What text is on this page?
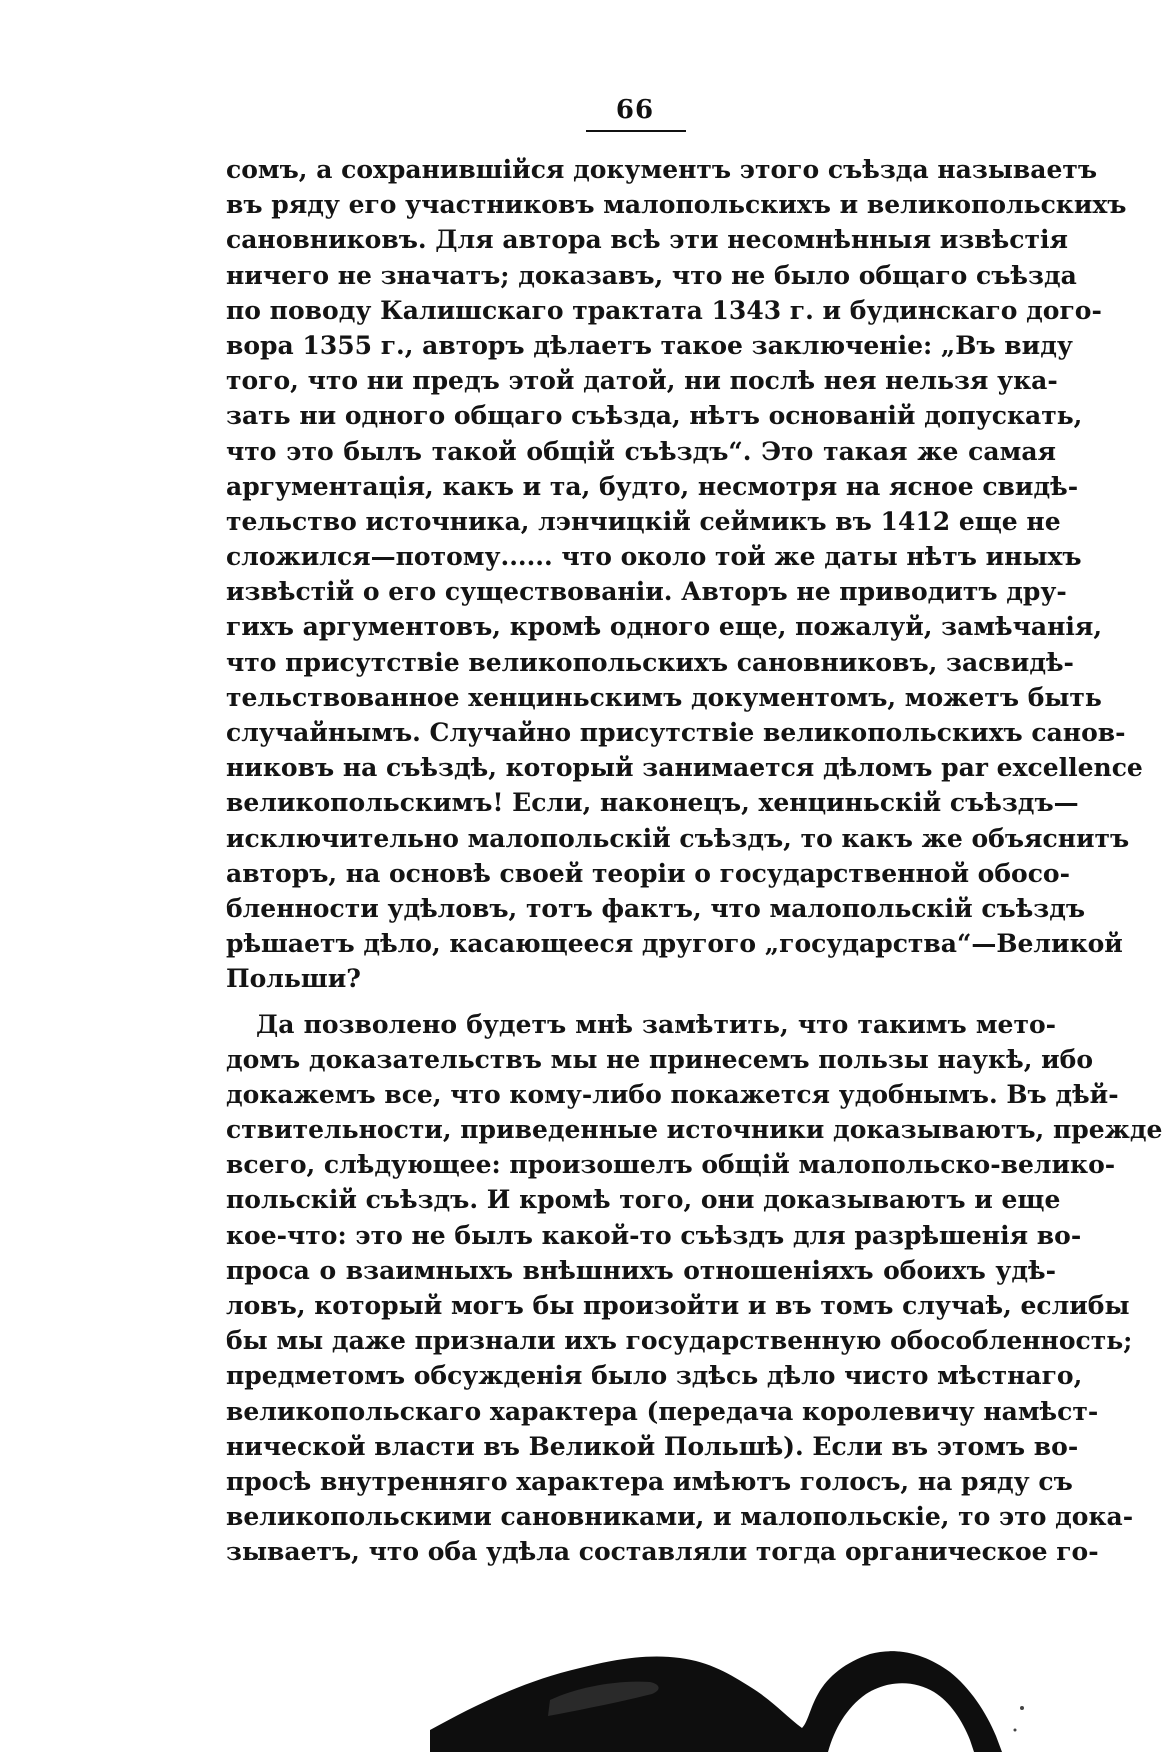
66
сомъ, а сохранившійся документъ этого съѣзда называетъ
въ ряду его участниковъ малопольскихъ и великопольскихъ
сановниковъ. Для автора всѣ эти несомнѣнныя извѣстія
ничего не значатъ; доказавъ, что не было общаго съѣзда
по поводу Калишскаго трактата 1343 г. и будинскаго дого-
вора 1355 г., авторъ дѣлаетъ такое заключеніе: „Въ виду
того, что ни предъ этой датой, ни послѣ нея нельзя ука-
зать ни одного общаго съѣзда, нѣтъ основаній допускать,
что это былъ такой общій съѣздъ“. Это такая же самая
аргументація, какъ и та, будто, несмотря на ясное свидѣ-
тельство источника, лэнчицкій сеймикъ въ 1412 еще не
сложился—потому...... что около той же даты нѣтъ иныхъ
извѣстій о его существованіи. Авторъ не приводитъ дру-
гихъ аргументовъ, кромѣ одного еще, пожалуй, замѣчанія,
что присутствіе великопольскихъ сановниковъ, засвидѣ-
тельствованное хенциньскимъ документомъ, можетъ быть
случайнымъ. Случайно присутствіе великопольскихъ санов-
никовъ на съѣздѣ, который занимается дѣломъ par excellence
великопольскимъ! Если, наконецъ, хенциньскій съѣздъ—
исключительно малопольскій съѣздъ, то какъ же объяснитъ
авторъ, на основѣ своей теоріи о государственной обосо-
бленности удѣловъ, тотъ фактъ, что малопольскій съѣздъ
рѣшаетъ дѣло, касающееся другого „государства“—Великой
Польши?
Да позволено будетъ мнѣ замѣтить, что такимъ мето-
домъ доказательствъ мы не принесемъ пользы наукѣ, ибо
докажемъ все, что кому-либо покажется удобнымъ. Въ дѣй-
ствительности, приведенные источники доказываютъ, прежде
всего, слѣдующее: произошелъ общій малопольско-велико-
польскій съѣздъ. И кромѣ того, они доказываютъ и еще
кое-что: это не былъ какой-то съѣздъ для разрѣшенія во-
проса о взаимныхъ внѣшнихъ отношеніяхъ обоихъ удѣ-
ловъ, который могъ бы произойти и въ томъ случаѣ, еслибы
бы мы даже признали ихъ государственную обособленность;
предметомъ обсужденія было здѣсь дѣло чисто мѣстнаго,
великопольскаго характера (передача королевичу намѣст-
нической власти въ Великой Польшѣ). Если въ этомъ во-
просѣ внутренняго характера имѣютъ голосъ, на ряду съ
великопольскими сановниками, и малопольскіе, то это дока-
зываетъ, что оба удѣла составляли тогда органическое го-
